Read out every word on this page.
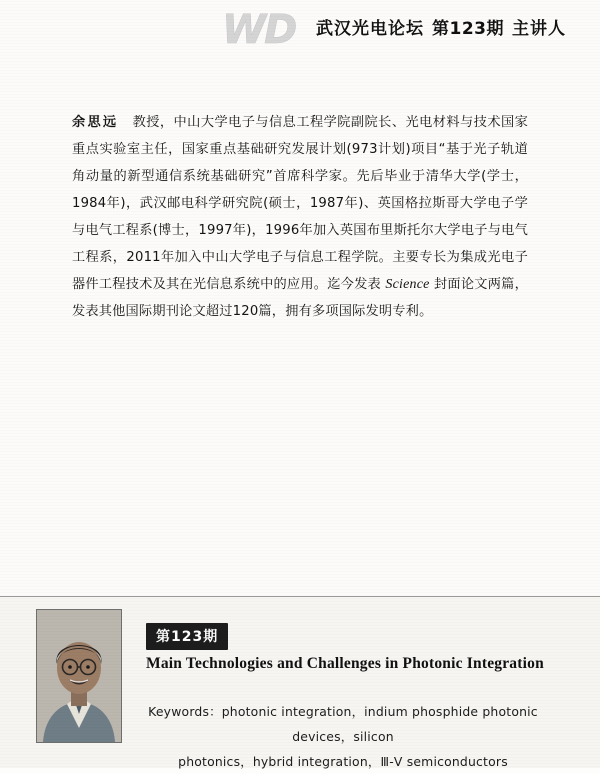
WD 武汉光电论坛 第123期 主讲人

余思远 教授，中山大学电子与信息工程学院副院长、光电材料与技术国家重点实验室主任，国家重点基础研究发展计划(973计划)项目“基于光子轨道角动量的新型通信系统基础研究”首席科学家。先后毕业于清华大学(学士，1984年)，武汉邮电科学研究院(硕士，1987年)、英国格拉斯哥大学电子学与电气工程系(博士，1997年)，1996年加入英国布里斯托尔大学电子与电气工程系，2011年加入中山大学电子与信息工程学院。主要专长为集成光电子器件工程技术及其在光信息系统中的应用。迄今发表 Science 封面论文两篇，发表其他国际期刊论文超过120篇，拥有多项国际发明专利。

第123期
Main Technologies and Challenges in Photonic Integration
Keywords：photonic integration，indium phosphide photonic devices，silicon
photonics，hybrid integration，Ⅲ-Ⅴ semiconductors
